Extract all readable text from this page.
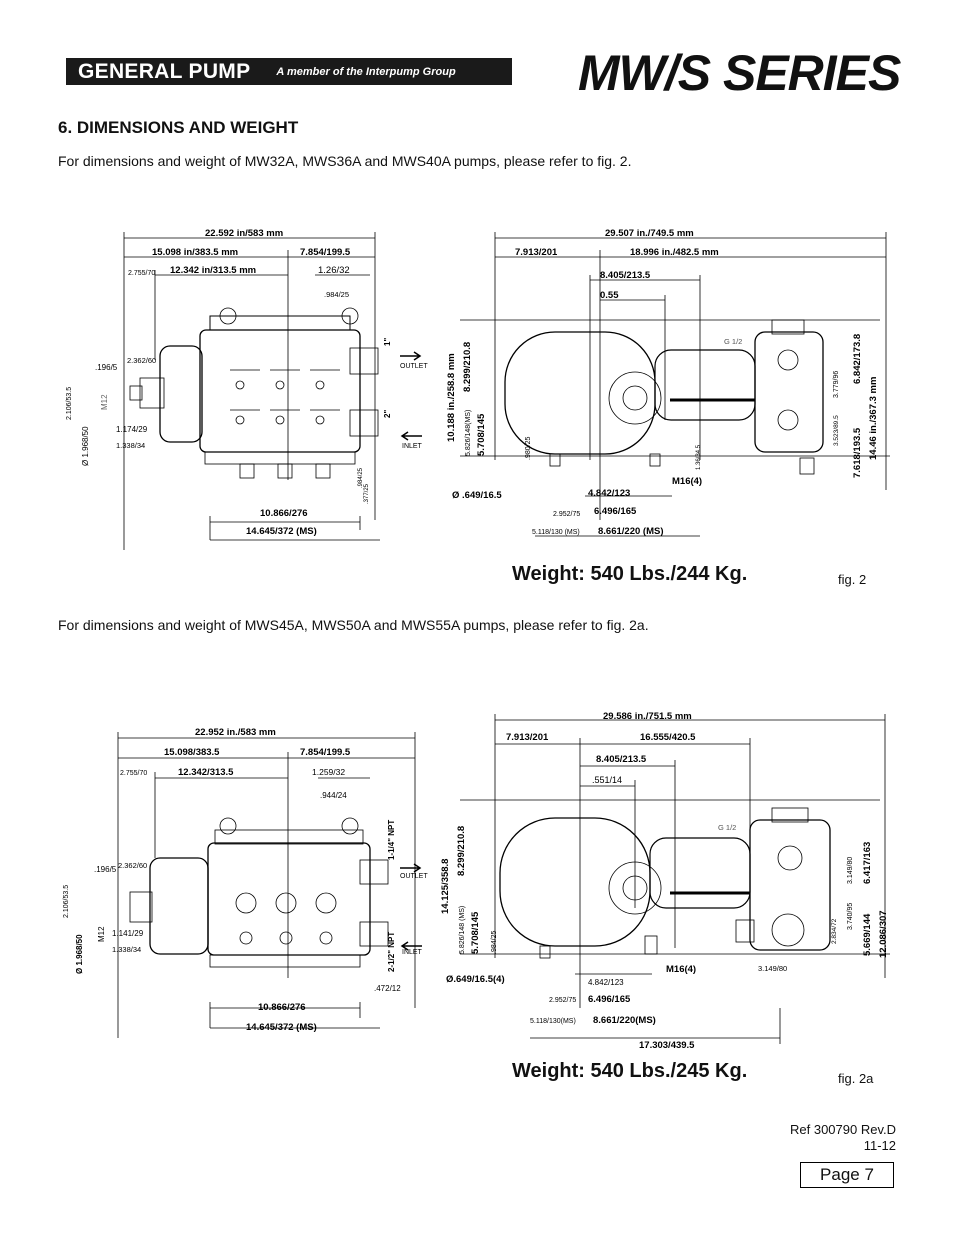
GENERAL PUMP A member of the Interpump Group MW/S SERIES
6. DIMENSIONS AND WEIGHT
For dimensions and weight of MW32A, MWS36A and MWS40A pumps, please refer to fig. 2.
22.592 in/583 mm
15.098 in/383.5 mm	7.854/199.5
2.755/70 12.342 in/313.5 mm	1.26/32
.984/25
.196/5
2.362/60
2.106/53.5	M12
Ø 1.968/50	1.174/29
1.338/34
10.866/276
14.645/372 (MS)
.984/25
.377/25
OUTLET
INLET
1"
2"
29.507 in./749.5 mm
7.913/201	18.996 in./482.5 mm
8.405/213.5
0.55
G 1/2
10.188 in./258.8 mm 8.299/210.8
5.826/148(MS) 5.708/145	7.618/193.5
6.842/173.8
14.46 in./367.3 mm
3.779/96
3.523/89.5
.980/25	1.36/34.5
M16(4)
Ø .649/16.5	4.842/123
2.952/75 6.496/165
5.118/130 (MS) 8.661/220 (MS)
Weight: 540 Lbs./244 Kg.	fig. 2
For dimensions and weight of MWS45A, MWS50A and MWS55A pumps, please refer to fig. 2a.
22.952 in./583 mm
15.098/383.5	7.854/199.5
2.755/70	12.342/313.5	1.259/32
.944/24
.196/5 2.362/60
2.106/53.5
M12
Ø 1.968/50
1.141/29
1.338/34
10.866/276
14.645/372 (MS)
.472/12
OUTLET
INLET
1-1/4" NPT
2-1/2" NPT
29.586 in./751.5 mm
7.913/201	16.555/420.5
8.405/213.5
.551/14
G 1/2
14.125/358.8
8.299/210.8
5.826/148 (MS) 5.708/145	5.669/144
6.417/163
12.086/307
3.149/80
3.740/95
.984/25	2.834/72
M16(4)
Ø.649/16.5(4)	4.842/123
2.952/75 6.496/165
5.118/130(MS) 8.661/220(MS)
17.303/439.5
3.149/80
Weight: 540 Lbs./245 Kg.	fig. 2a
Ref 300790 Rev.D
11-12
Page 7
